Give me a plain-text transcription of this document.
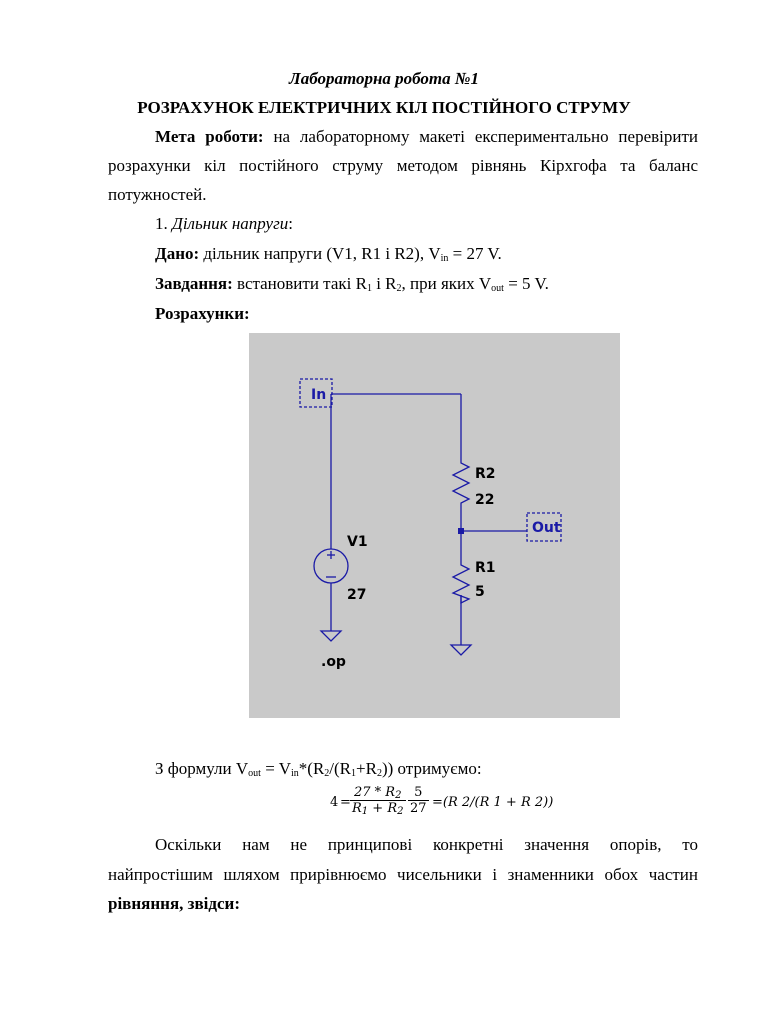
Лабораторна робота №1
РОЗРАХУНОК ЕЛЕКТРИЧНИХ КІЛ ПОСТІЙНОГО СТРУМУ
Мета роботи: на лабораторному макеті експериментально перевірити
розрахунки кіл постійного струму методом рівнянь Кірхгофа та баланс
потужностей.
1. Дільник напруги:
Дано: дільник напруги (V1, R1 і R2), $V_{in} = 27$ V.
Завдання: встановити такі $R_1$ і $R_2$, при яких $V_{out} = 5$ V.
Розрахунки:
In
Out
V1
27
R2
22
R1
5
.op
З формули $V_{out} = V_{in}*(R_2/(R_1+R_2))$ отримуємо:
$4 = \frac{27 * R_2}{R_1 + R_2} \frac{5}{27} =(R$ 2/(R 1 + R 2))
Оскільки нам не принципові конкретні значення опорів, то
найпростішим шляхом прирівнюємо чисельники і знаменники обох частин
рівняння, звідси:
